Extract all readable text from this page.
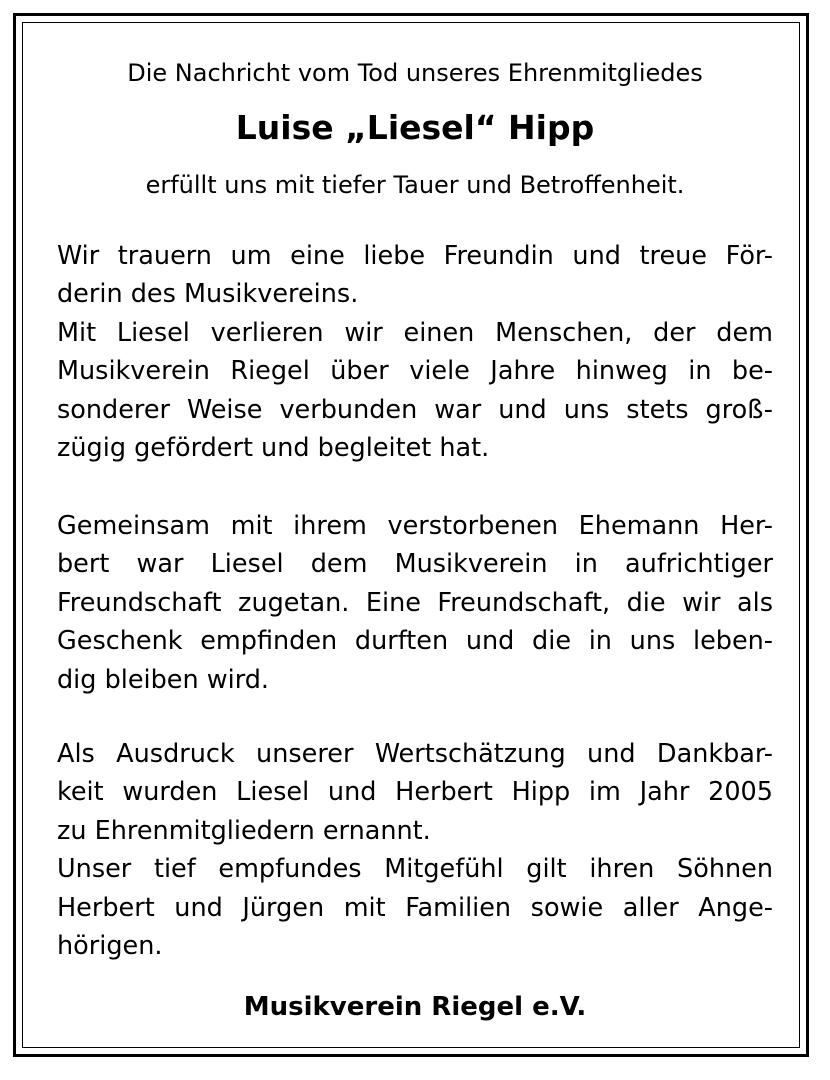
Die Nachricht vom Tod unseres Ehrenmitgliedes
Luise „Liesel“ Hipp
erfüllt uns mit tiefer Tauer und Betroffenheit.
Wir trauern um eine liebe Freundin und treue För-
derin des Musikvereins.
Mit Liesel verlieren wir einen Menschen, der dem
Musikverein Riegel über viele Jahre hinweg in be-
sonderer Weise verbunden war und uns stets groß-
zügig gefördert und begleitet hat.
Gemeinsam mit ihrem verstorbenen Ehemann Her-
bert war Liesel dem Musikverein in aufrichtiger
Freundschaft zugetan. Eine Freundschaft, die wir als
Geschenk empfinden durften und die in uns leben-
dig bleiben wird.
Als Ausdruck unserer Wertschätzung und Dankbar-
keit wurden Liesel und Herbert Hipp im Jahr 2005
zu Ehrenmitgliedern ernannt.
Unser tief empfundes Mitgefühl gilt ihren Söhnen
Herbert und Jürgen mit Familien sowie aller Ange-
hörigen.
Musikverein Riegel e.V.
